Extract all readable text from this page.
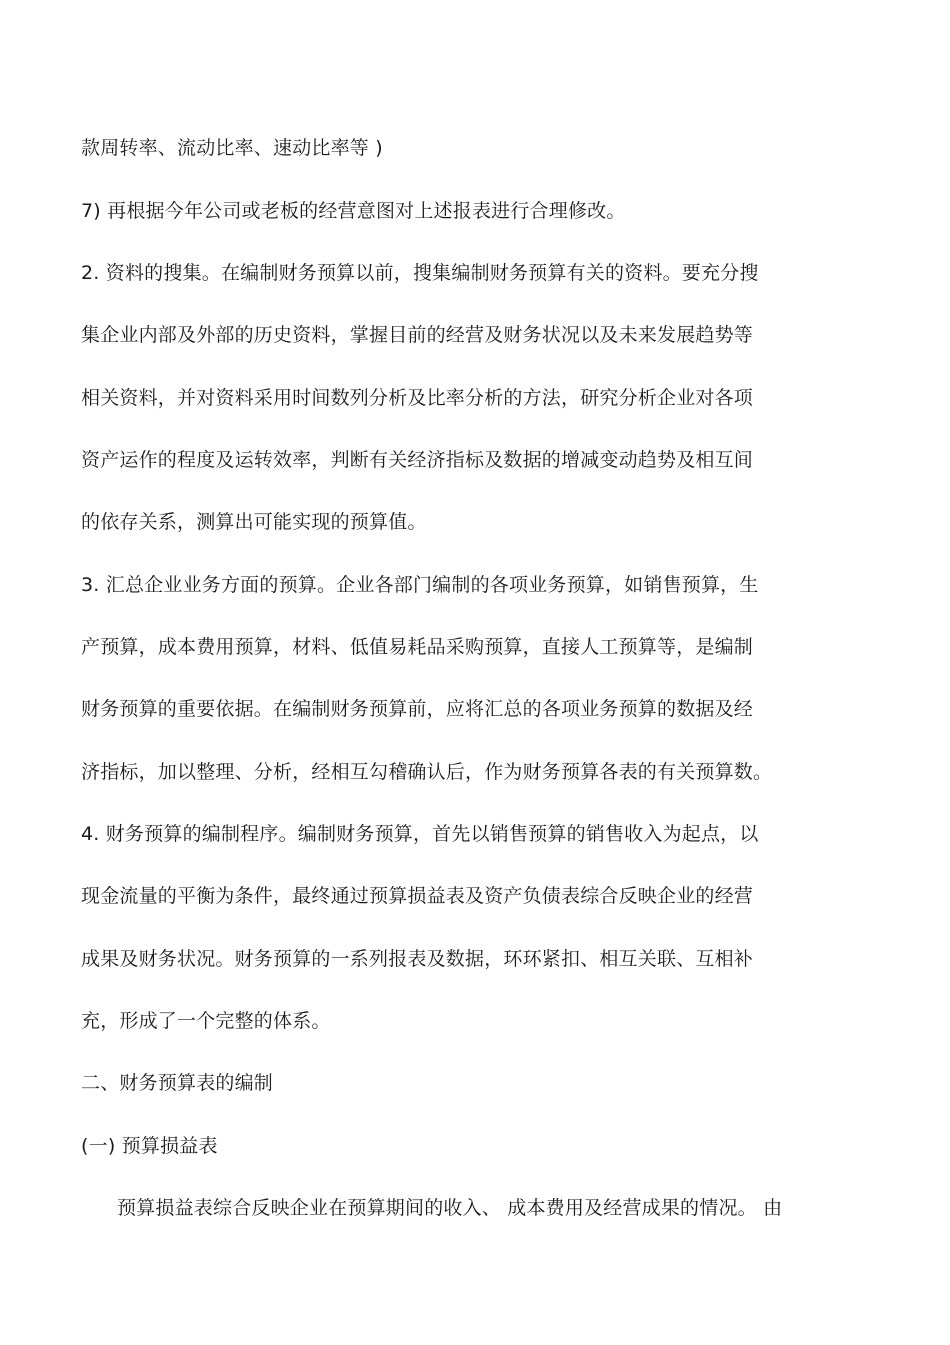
款周转率、流动比率、速动比率等 )
7) 再根据今年公司或老板的经营意图对上述报表进行合理修改。
2. 资料的搜集。在编制财务预算以前，搜集编制财务预算有关的资料。要充分搜
集企业内部及外部的历史资料，掌握目前的经营及财务状况以及未来发展趋势等
相关资料，并对资料采用时间数列分析及比率分析的方法，研究分析企业对各项
资产运作的程度及运转效率，判断有关经济指标及数据的增减变动趋势及相互间
的依存关系，测算出可能实现的预算值。
3. 汇总企业业务方面的预算。企业各部门编制的各项业务预算，如销售预算，生
产预算，成本费用预算，材料、低值易耗品采购预算，直接人工预算等，是编制
财务预算的重要依据。在编制财务预算前，应将汇总的各项业务预算的数据及经
济指标，加以整理、分析，经相互勾稽确认后，作为财务预算各表的有关预算数。
4. 财务预算的编制程序。编制财务预算，首先以销售预算的销售收入为起点，以
现金流量的平衡为条件，最终通过预算损益表及资产负债表综合反映企业的经营
成果及财务状况。财务预算的一系列报表及数据，环环紧扣、相互关联、互相补
充，形成了一个完整的体系。
二、财务预算表的编制
(一) 预算损益表
预算损益表综合反映企业在预算期间的收入、 成本费用及经营成果的情况。 由
